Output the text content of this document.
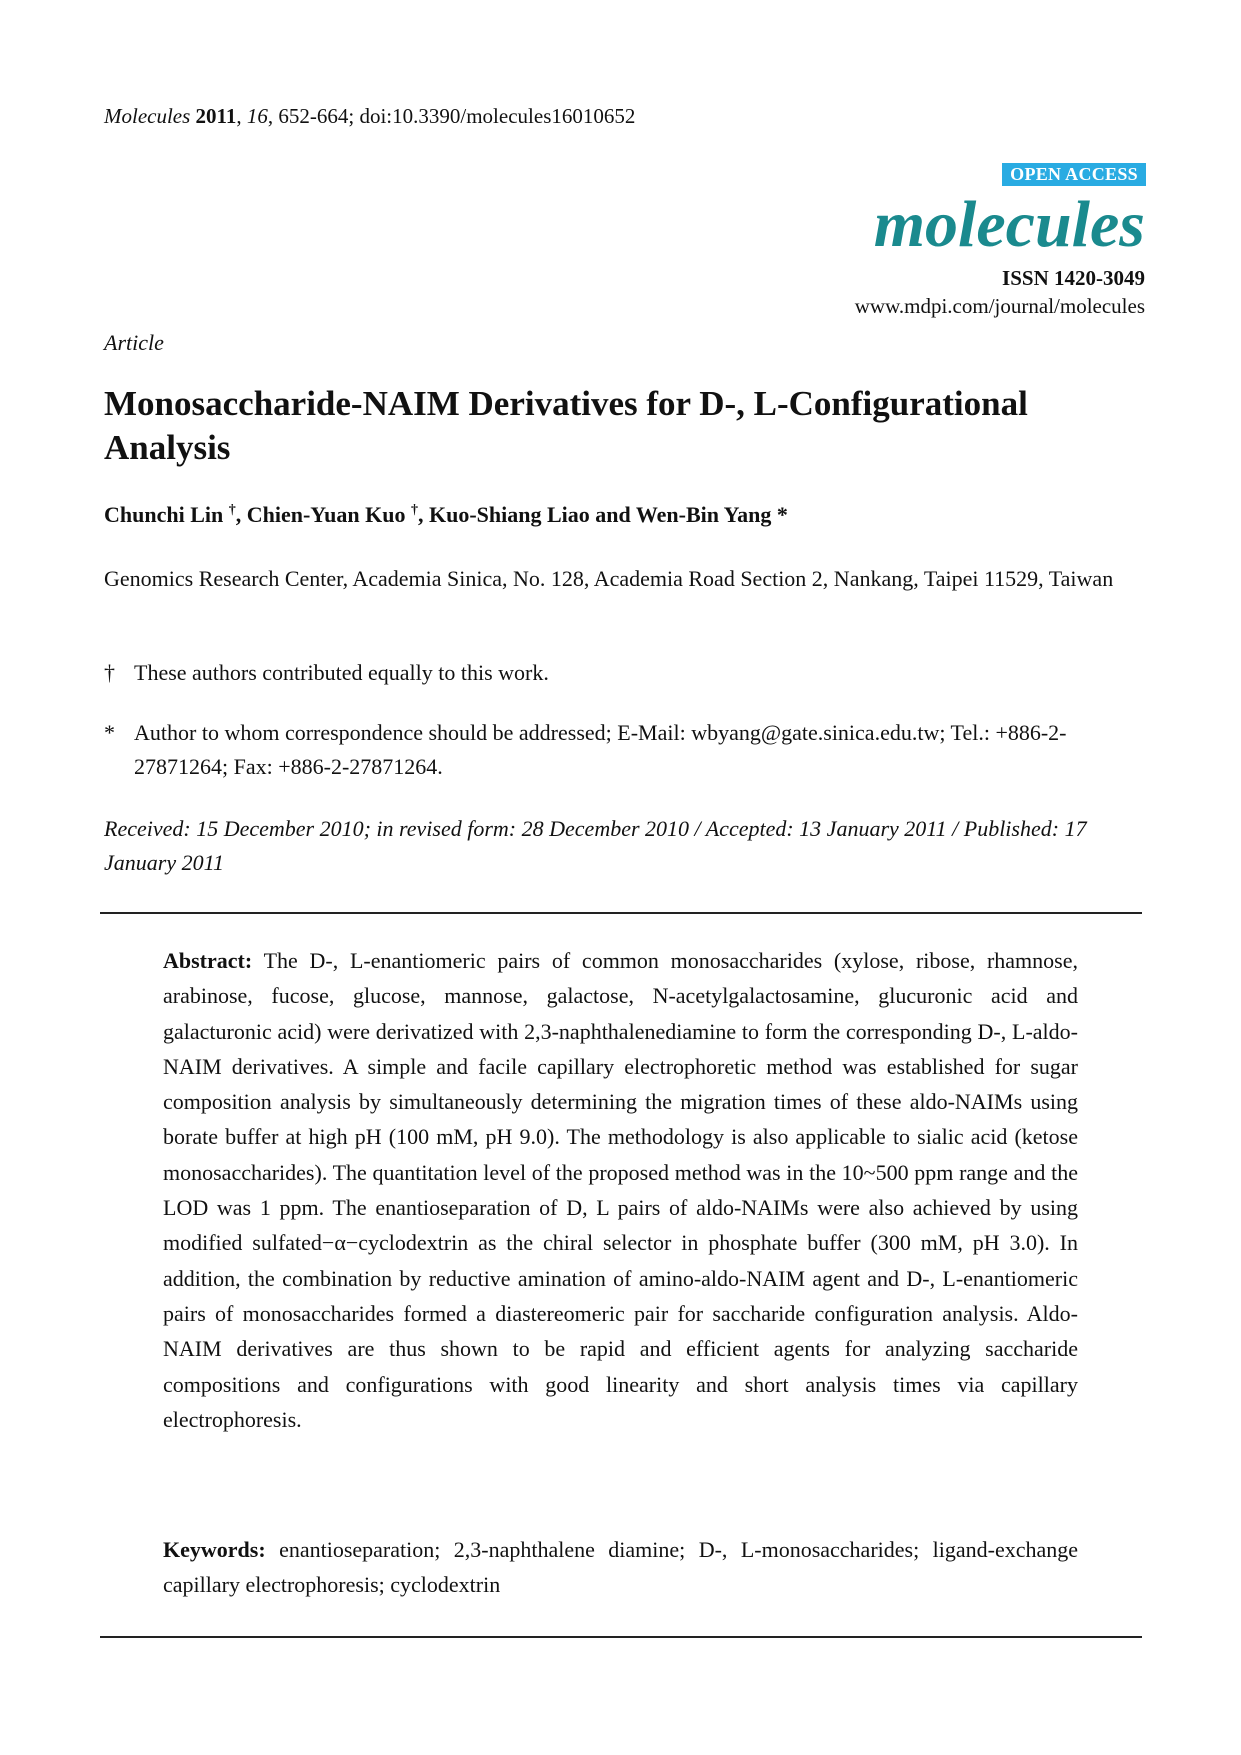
Molecules 2011, 16, 652-664; doi:10.3390/molecules16010652
OPEN ACCESS
molecules
ISSN 1420-3049
www.mdpi.com/journal/molecules
Article
Monosaccharide-NAIM Derivatives for D-, L-Configurational Analysis
Chunchi Lin †, Chien-Yuan Kuo †, Kuo-Shiang Liao and Wen-Bin Yang *
Genomics Research Center, Academia Sinica, No. 128, Academia Road Section 2, Nankang, Taipei 11529, Taiwan
† These authors contributed equally to this work.
* Author to whom correspondence should be addressed; E-Mail: wbyang@gate.sinica.edu.tw; Tel.: +886-2-27871264; Fax: +886-2-27871264.
Received: 15 December 2010; in revised form: 28 December 2010 / Accepted: 13 January 2011 / Published: 17 January 2011
Abstract: The D-, L-enantiomeric pairs of common monosaccharides (xylose, ribose, rhamnose, arabinose, fucose, glucose, mannose, galactose, N-acetylgalactosamine, glucuronic acid and galacturonic acid) were derivatized with 2,3-naphthalenediamine to form the corresponding D-, L-aldo-NAIM derivatives. A simple and facile capillary electrophoretic method was established for sugar composition analysis by simultaneously determining the migration times of these aldo-NAIMs using borate buffer at high pH (100 mM, pH 9.0). The methodology is also applicable to sialic acid (ketose monosaccharides). The quantitation level of the proposed method was in the 10~500 ppm range and the LOD was 1 ppm. The enantioseparation of D, L pairs of aldo-NAIMs were also achieved by using modified sulfated−α−cyclodextrin as the chiral selector in phosphate buffer (300 mM, pH 3.0). In addition, the combination by reductive amination of amino-aldo-NAIM agent and D-, L-enantiomeric pairs of monosaccharides formed a diastereomeric pair for saccharide configuration analysis. Aldo-NAIM derivatives are thus shown to be rapid and efficient agents for analyzing saccharide compositions and configurations with good linearity and short analysis times via capillary electrophoresis.
Keywords: enantioseparation; 2,3-naphthalene diamine; D-, L-monosaccharides; ligand-exchange capillary electrophoresis; cyclodextrin
